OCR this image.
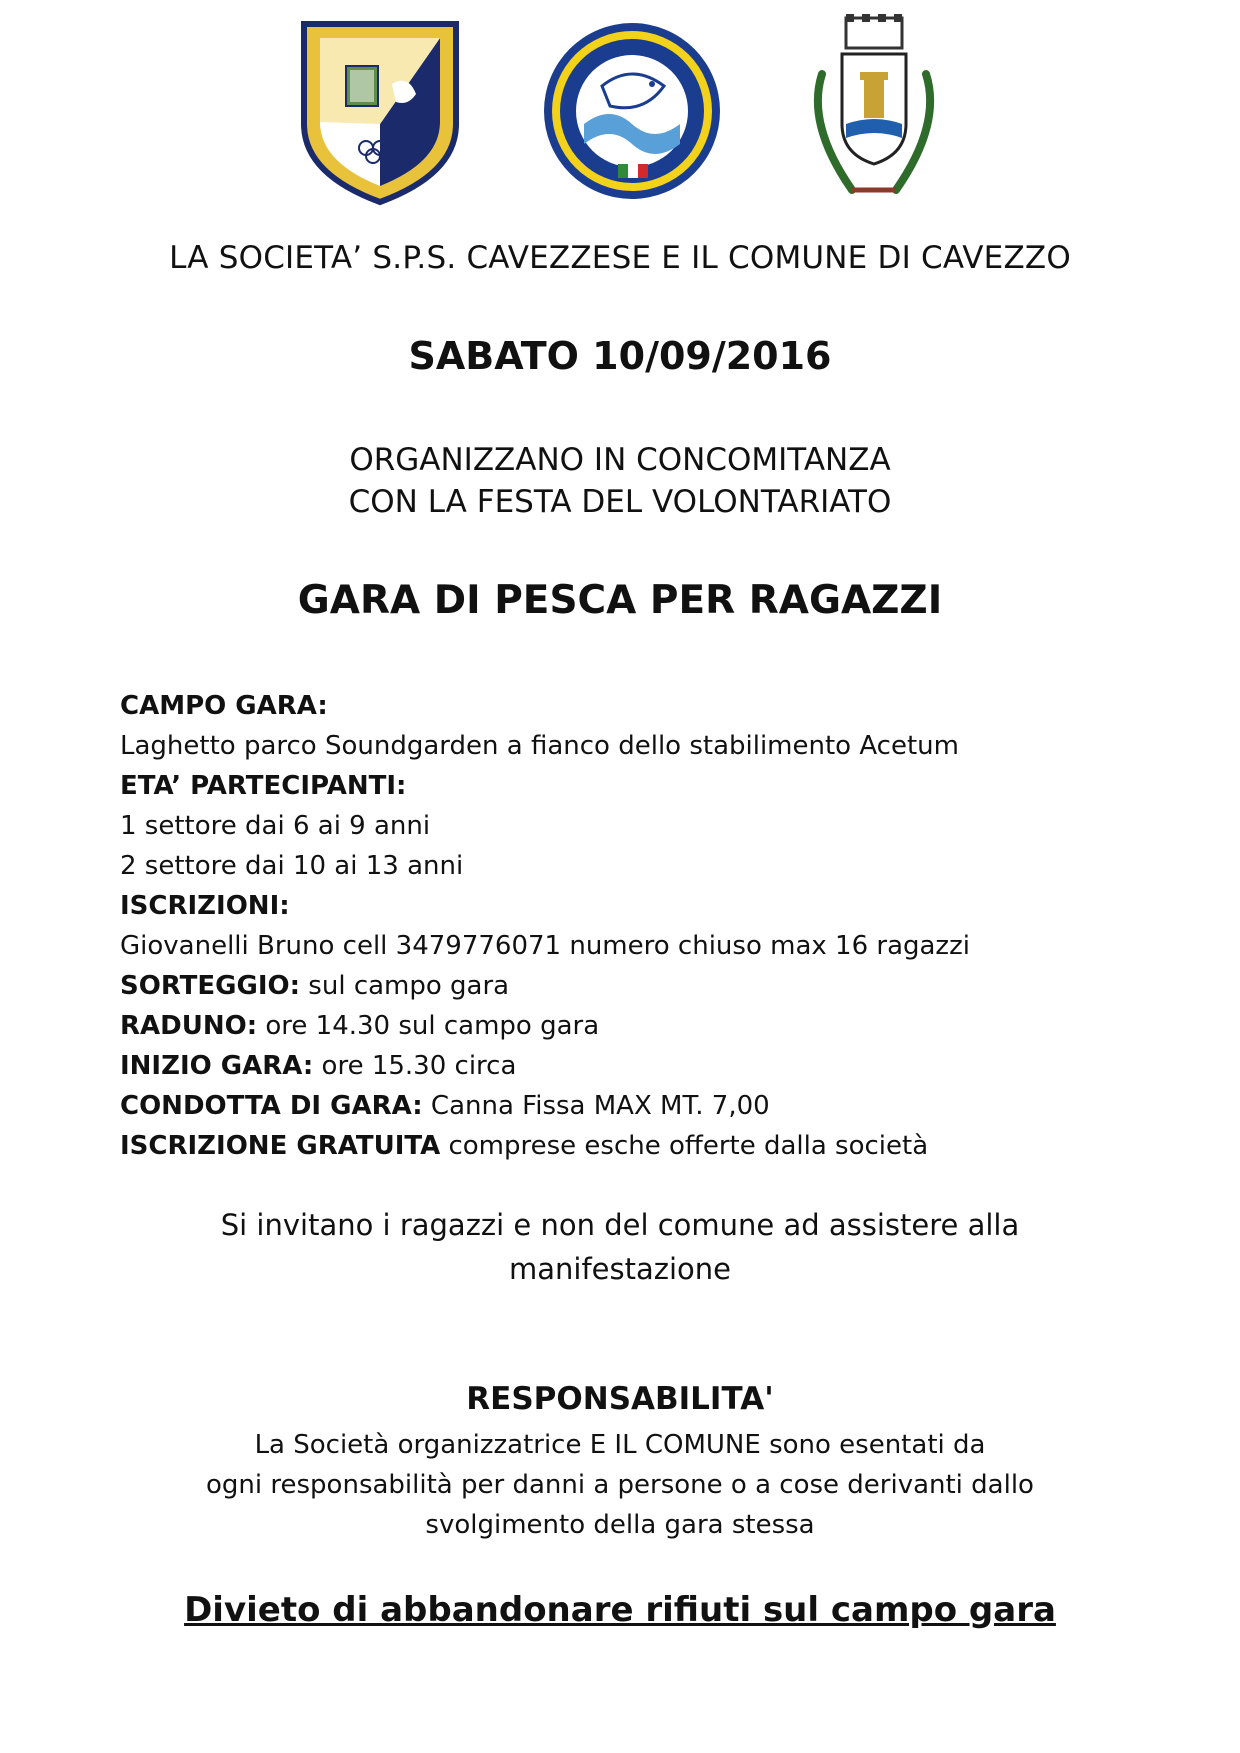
LA SOCIETA’ S.P.S. CAVEZZESE E IL COMUNE DI CAVEZZO
SABATO 10/09/2016
ORGANIZZANO IN CONCOMITANZA
CON LA FESTA DEL VOLONTARIATO
GARA DI PESCA PER RAGAZZI
CAMPO GARA:
Laghetto parco Soundgarden a fianco dello stabilimento Acetum
ETA’ PARTECIPANTI:
1 settore dai 6 ai 9 anni
2 settore dai 10 ai 13 anni
ISCRIZIONI:
Giovanelli Bruno cell 3479776071 numero chiuso max 16 ragazzi
SORTEGGIO: sul campo gara
RADUNO: ore 14.30 sul campo gara
INIZIO GARA: ore 15.30 circa
CONDOTTA DI GARA: Canna Fissa MAX MT. 7,00
ISCRIZIONE GRATUITA comprese esche offerte dalla società
Si invitano i ragazzi e non del comune ad assistere alla
manifestazione
RESPONSABILITA'
La Società organizzatrice E IL COMUNE sono esentati da
ogni responsabilità per danni a persone o a cose derivanti dallo
svolgimento della gara stessa
Divieto di abbandonare rifiuti sul campo gara
